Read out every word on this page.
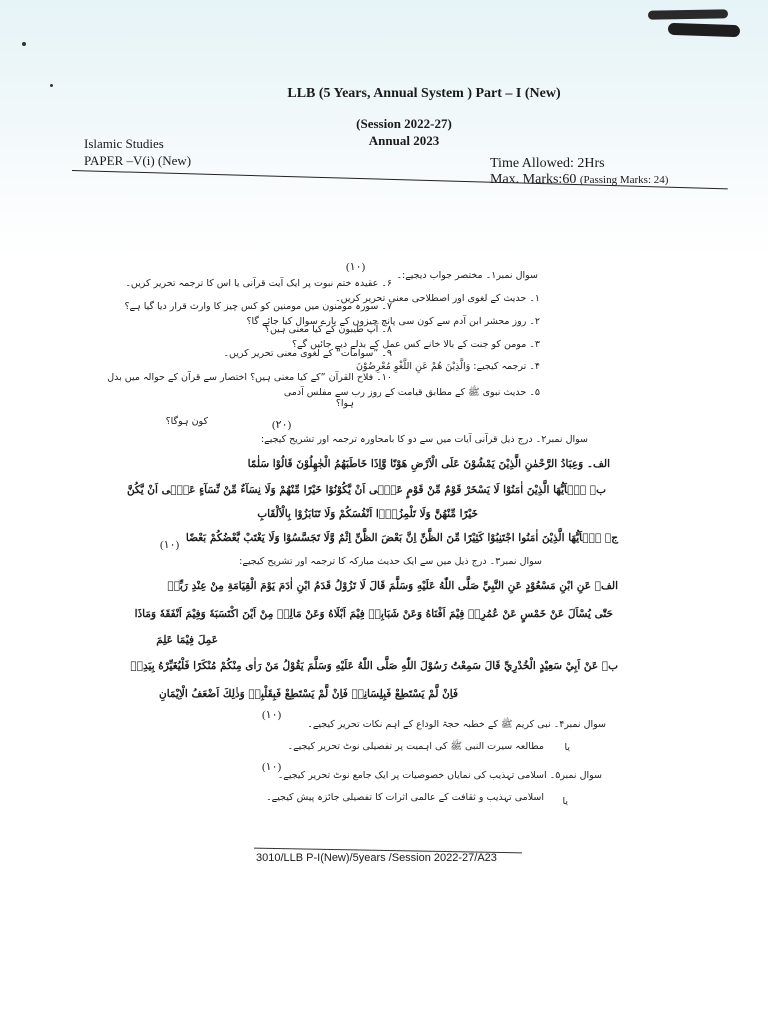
LLB (5 Years, Annual System ) Part – I (New)
(Session 2022-27)
Annual 2023
Islamic Studies
PAPER –V(i) (New)	Time Allowed: 2Hrs
Max. Marks:60 (Passing Marks: 24)
(۱۰)
سوال نمبر۱۔ مختصر جواب دیجیے:۔
۱۔ حدیث کے لغوی اور اصطلاحی معنی تحریر کریں۔
۲۔ روز محشر ابن آدم سے کون سی پانچ چیزوں کے بارے سوال کیا جائے گا؟
۳۔ مومن کو جنت کے بالا خانے کس عمل کے بدلے دیے جائیں گے؟
۴۔ ترجمہ کیجیے: وَالَّذِيْنَ هُمْ عَنِ اللَّغْوِ مُعْرِضُوْنَ
۵۔ حدیث نبوی ﷺ کے مطابق قیامت کے روز رب سے مفلس آدمی
کون ہوگا؟
۶۔ عقیدہ ختم نبوت پر ایک آیت قرآنی یا اس کا ترجمہ تحریر کریں۔
۷۔ سورہ مومنون میں مومنین کو کس چیز کا وارث قرار دیا گیا ہے؟
۸۔ آپ طیبون کے کیا معنی ہیں؟
۹۔ ”سوامات“ کے لغوی معنی تحریر کریں۔
۱۰۔ فلاح القرآن ”کے کیا معنی ہیں؟ اختصار سے قرآن کے حوالہ میں بدل
ہوا؟
(۲۰)
سوال نمبر۲۔ درج ذیل قرآنی آیات میں سے دو کا بامحاورہ ترجمہ اور تشریح کیجیے:
الف۔ وَعِبَادُ الرَّحْمٰنِ الَّذِيْنَ يَمْشُوْنَ عَلَى الْاَرْضِ هَوْنًا وَّاِذَا خَاطَبَهُمُ الْجٰهِلُوْنَ قَالُوْا سَلٰمًا
ب۔ يٰۤاَيُّهَا الَّذِيْنَ اٰمَنُوْا لَا يَسْخَرْ قَوْمٌ مِّنْ قَوْمٍ عَسٰۤى اَنْ يَّكُوْنُوْا خَيْرًا مِّنْهُمْ وَلَا نِسَآءٌ مِّنْ نِّسَآءٍ عَسٰۤى اَنْ يَّكُنَّ
خَيْرًا مِّنْهُنَّ وَلَا تَلْمِزُوْۤا اَنْفُسَكُمْ وَلَا تَنَابَزُوْا بِالْاَلْقَابِ
ج۔ يٰۤاَيُّهَا الَّذِيْنَ اٰمَنُوا اجْتَنِبُوْا كَثِيْرًا مِّنَ الظَّنِّ اِنَّ بَعْضَ الظَّنِّ اِثْمٌ وَّلَا تَجَسَّسُوْا وَلَا يَغْتَبْ بَّعْضُكُمْ بَعْضًا
(۱۰)
سوال نمبر۳۔ درج ذیل میں سے ایک حدیث مبارکہ کا ترجمہ اور تشریح کیجیے:
الف۔ عَنِ ابْنِ مَسْعُوْدٍ عَنِ النَّبِيِّ صَلَّى اللّٰهُ عَلَيْهِ وَسَلَّمَ قَالَ لَا تَزُوْلُ قَدَمُ ابْنِ اٰدَمَ يَوْمَ الْقِيَامَةِ مِنْ عِنْدِ رَبِّهٖ
حَتّٰى يُسْاَلَ عَنْ خَمْسٍ عَنْ عُمُرِهٖ فِيْمَ اَفْنَاهُ وَعَنْ شَبَابِهٖ فِيْمَ اَبْلَاهُ وَعَنْ مَالِهٖ مِنْ اَيْنَ اكْتَسَبَهٗ وَفِيْمَ اَنْفَقَهٗ وَمَاذَا
عَمِلَ فِيْمَا عَلِمَ
ب۔ عَنْ اَبِيْ سَعِيْدٍ الْخُدْرِيِّ قَالَ سَمِعْتُ رَسُوْلَ اللّٰهِ صَلَّى اللّٰهُ عَلَيْهِ وَسَلَّمَ يَقُوْلُ مَنْ رَاٰى مِنْكُمْ مُنْكَرًا فَلْيُغَيِّرْهُ بِيَدِهٖ
فَاِنْ لَّمْ يَسْتَطِعْ فَبِلِسَانِهٖ فَاِنْ لَّمْ يَسْتَطِعْ فَبِقَلْبِهٖ وَذٰلِكَ اَضْعَفُ الْاِيْمَانِ
(۱۰)
سوال نمبر۴۔ نبی کریم ﷺ کے خطبہ حجۃ الوداع کے اہم نکات تحریر کیجیے۔
یا
مطالعہ سیرت النبی ﷺ کی اہمیت پر تفصیلی نوٹ تحریر کیجیے۔
(۱۰)
سوال نمبر۵۔ اسلامی تہذیب کی نمایاں خصوصیات پر ایک جامع نوٹ تحریر کیجیے۔
یا
اسلامی تہذیب و ثقافت کے عالمی اثرات کا تفصیلی جائزہ پیش کیجیے۔
3010/LLB P-I(New)/5years /Session 2022-27/A23
